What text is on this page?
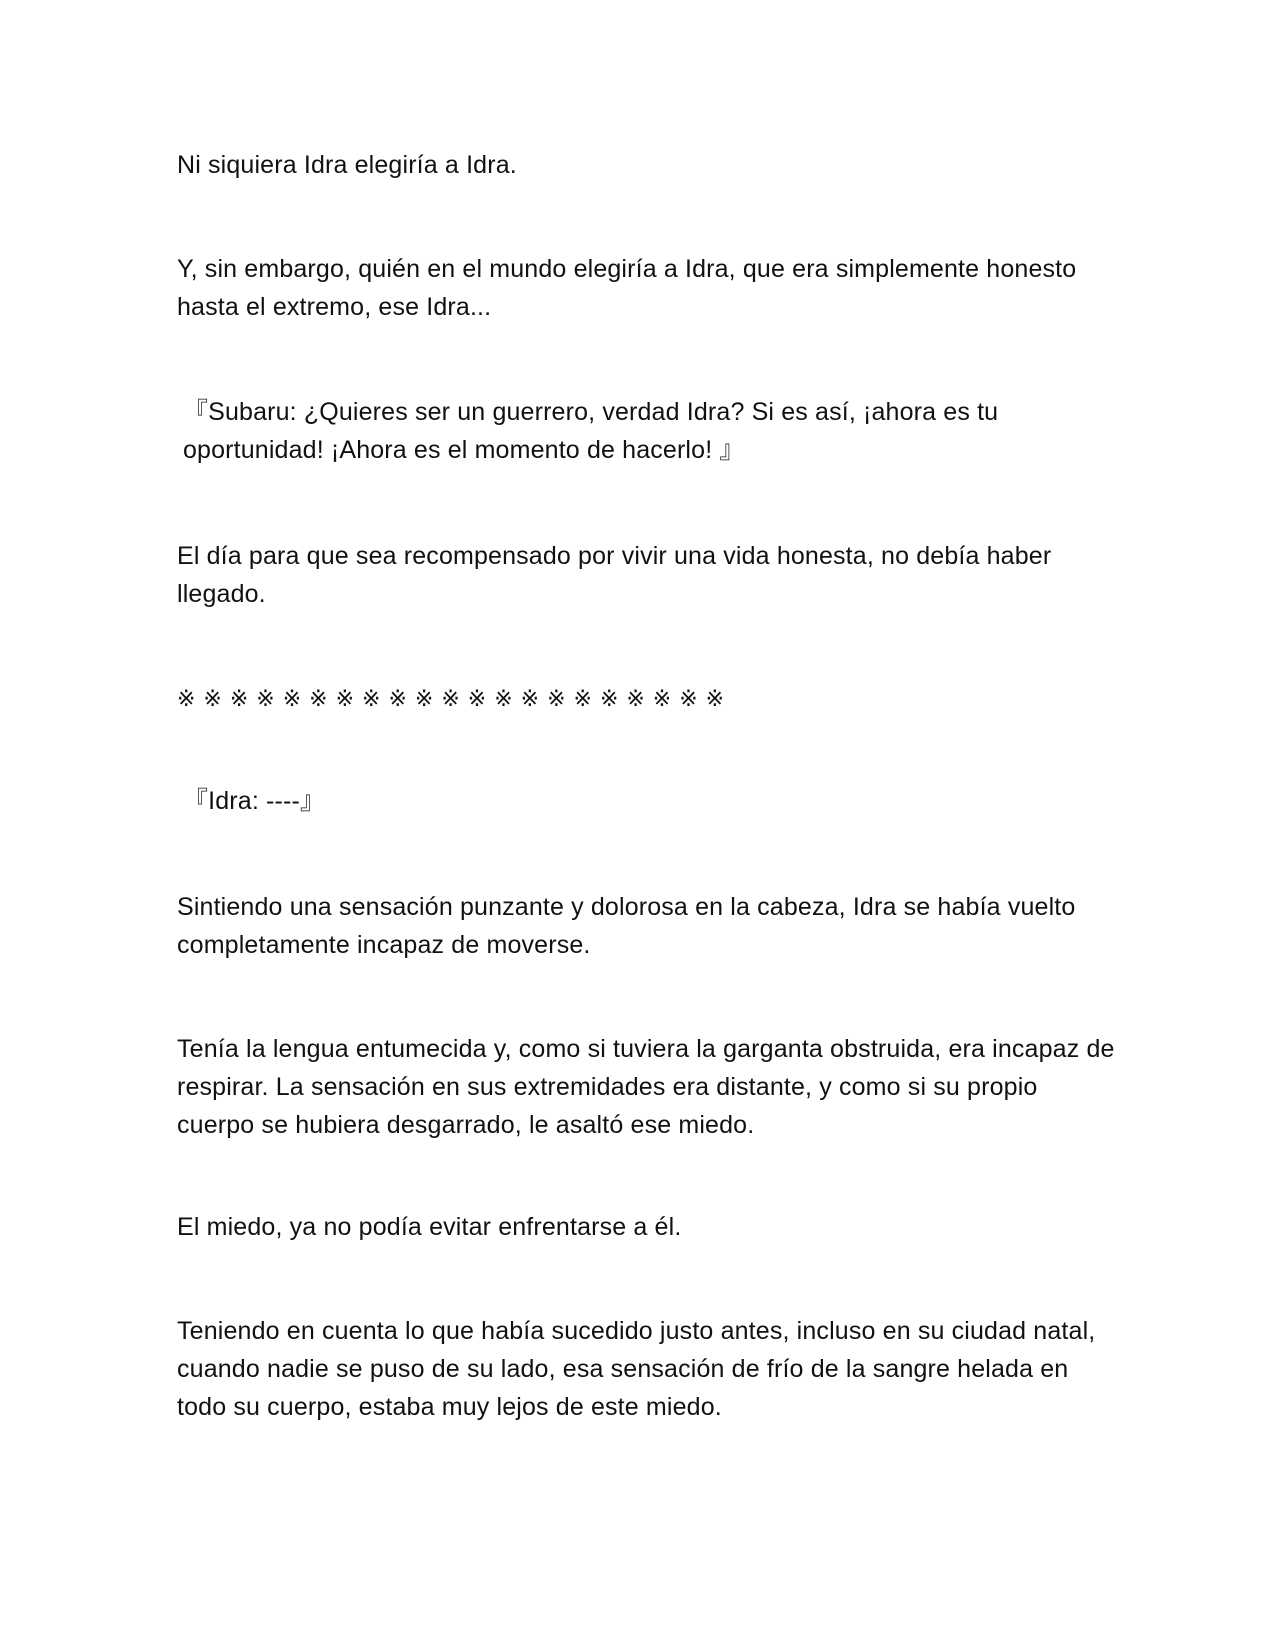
Ni siquiera Idra elegiría a Idra.

Y, sin embargo, quién en el mundo elegiría a Idra, que era simplemente honesto hasta el extremo, ese Idra...

『Subaru: ¿Quieres ser un guerrero, verdad Idra? Si es así, ¡ahora es tu oportunidad! ¡Ahora es el momento de hacerlo! 』

El día para que sea recompensado por vivir una vida honesta, no debía haber llegado.

※※※※※※※※※※※※※※※※※※※※※

『Idra: ----』

Sintiendo una sensación punzante y dolorosa en la cabeza, Idra se había vuelto completamente incapaz de moverse.

Tenía la lengua entumecida y, como si tuviera la garganta obstruida, era incapaz de respirar. La sensación en sus extremidades era distante, y como si su propio cuerpo se hubiera desgarrado, le asaltó ese miedo.

El miedo, ya no podía evitar enfrentarse a él.

Teniendo en cuenta lo que había sucedido justo antes, incluso en su ciudad natal, cuando nadie se puso de su lado, esa sensación de frío de la sangre helada en todo su cuerpo, estaba muy lejos de este miedo.
